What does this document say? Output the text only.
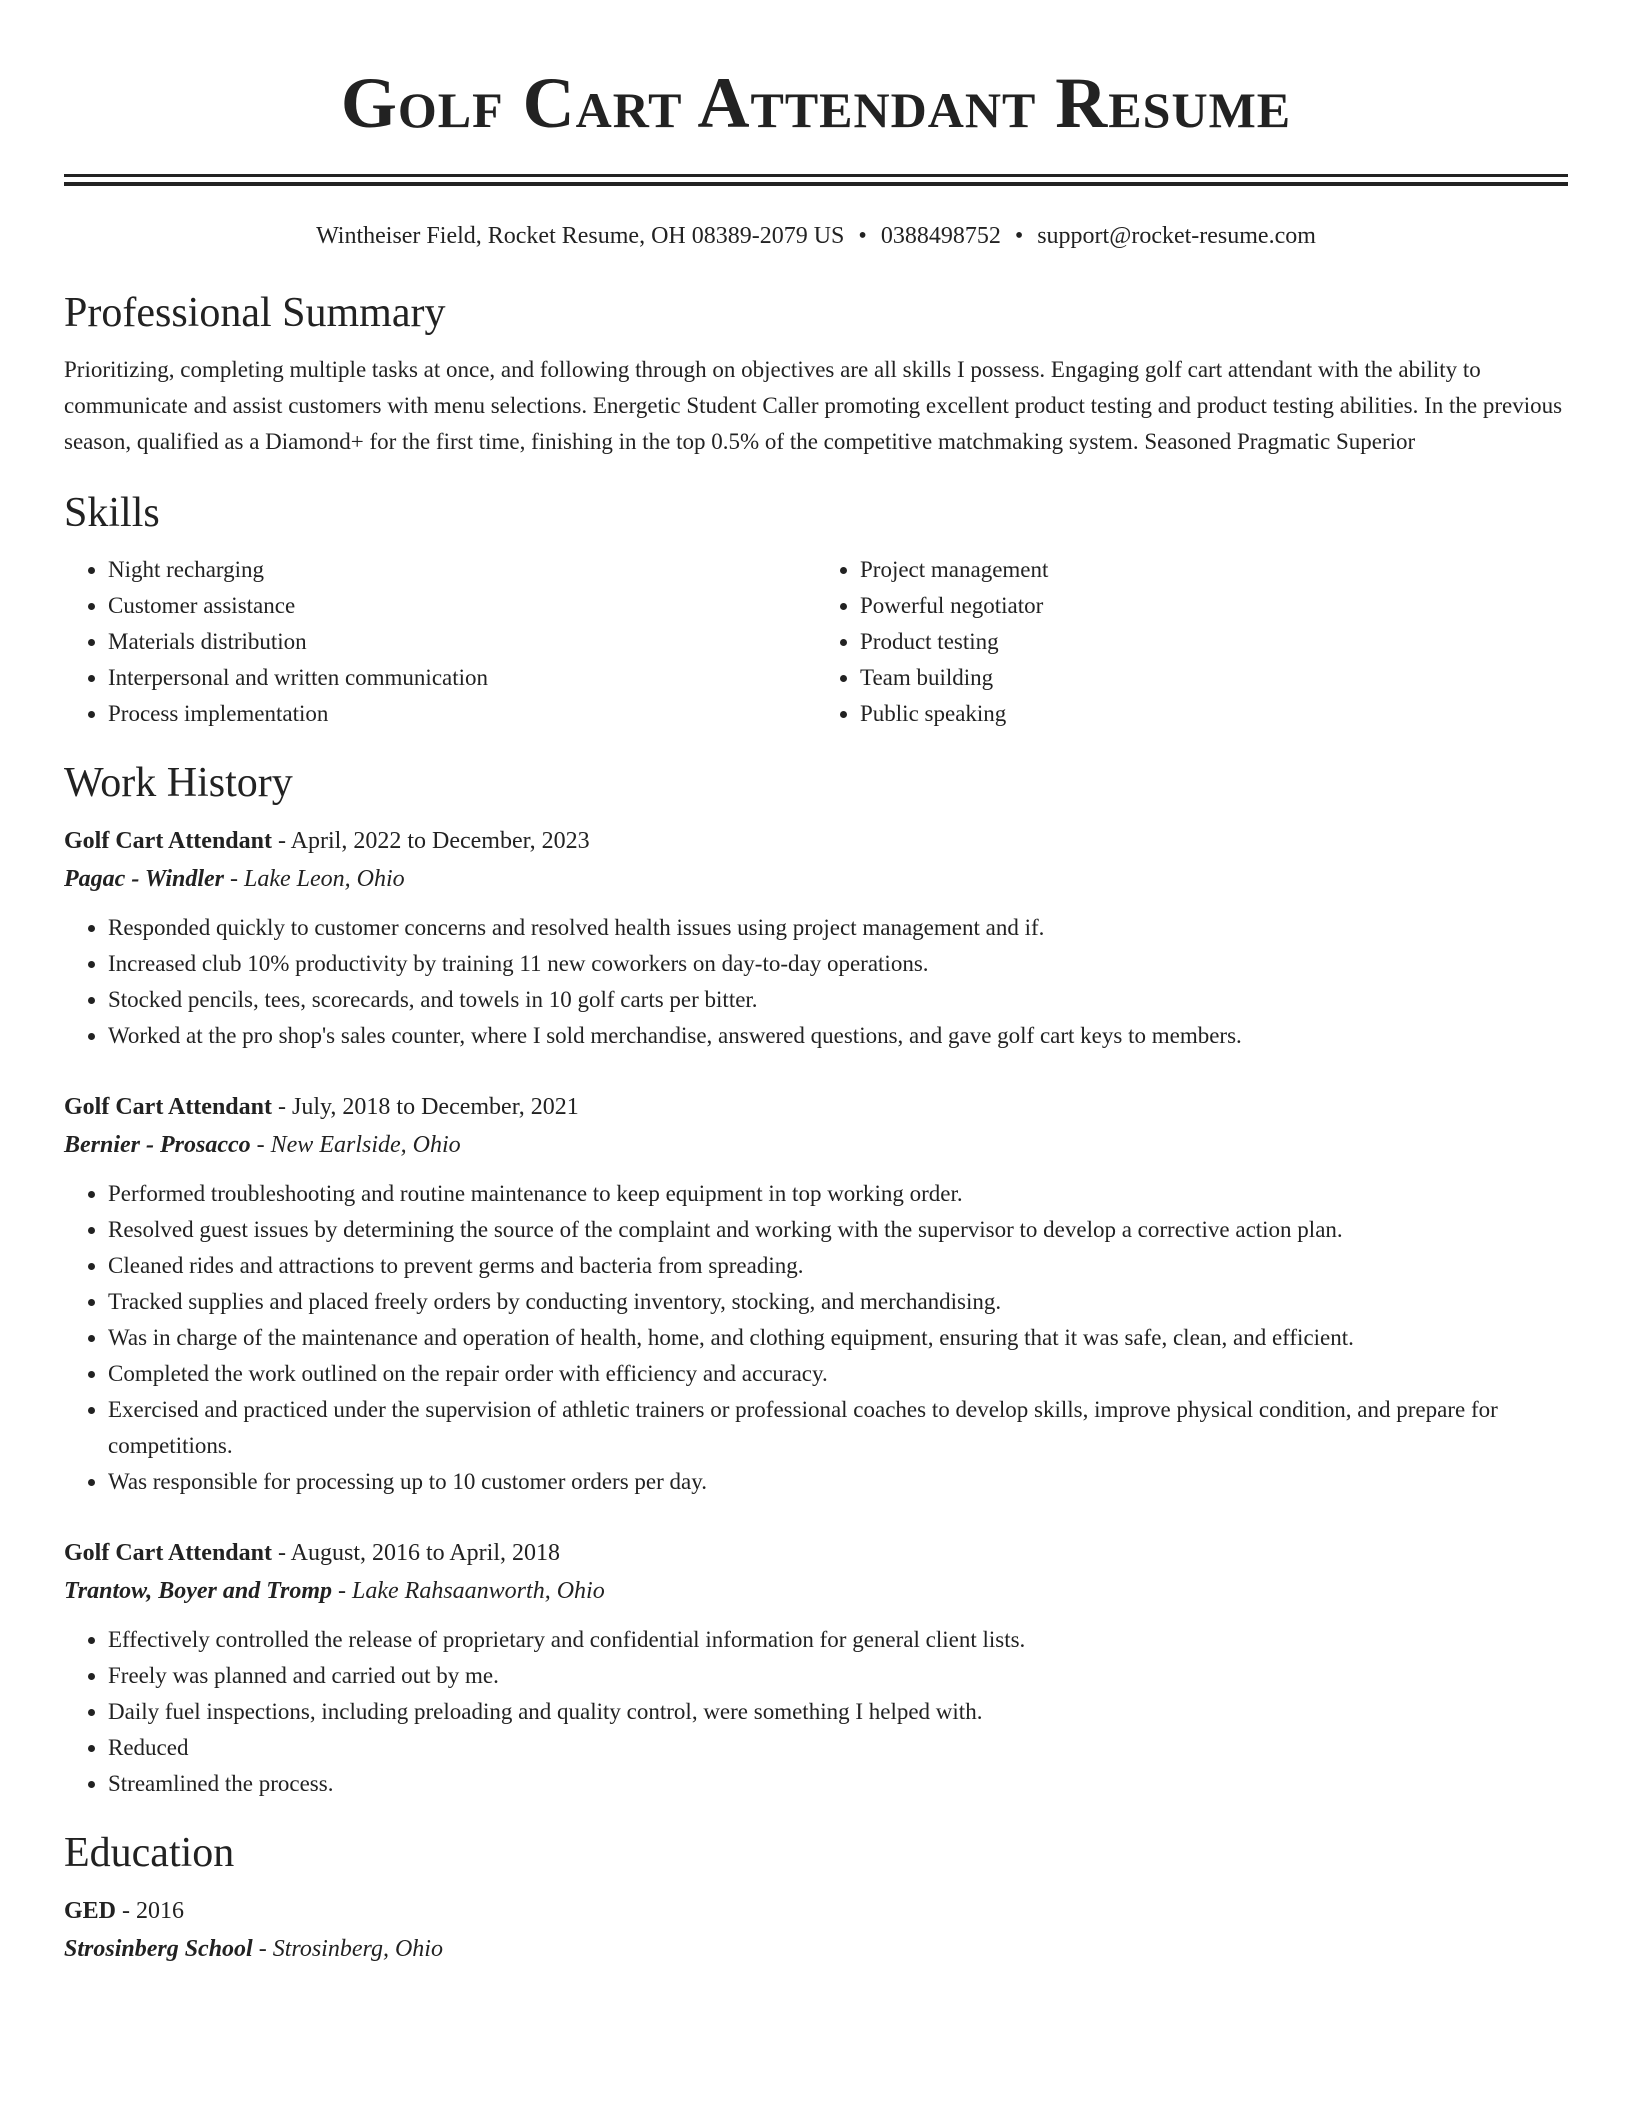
Golf Cart Attendant Resume
Wintheiser Field, Rocket Resume, OH 08389-2079 US • 0388498752 • support@rocket-resume.com
Professional Summary
Prioritizing, completing multiple tasks at once, and following through on objectives are all skills I possess. Engaging golf cart attendant with the ability to communicate and assist customers with menu selections. Energetic Student Caller promoting excellent product testing and product testing abilities. In the previous season, qualified as a Diamond+ for the first time, finishing in the top 0.5% of the competitive matchmaking system. Seasoned Pragmatic Superior
Skills
• Night recharging
• Customer assistance
• Materials distribution
• Interpersonal and written communication
• Process implementation
• Project management
• Powerful negotiator
• Product testing
• Team building
• Public speaking
Work History
Golf Cart Attendant - April, 2022 to December, 2023
Pagac - Windler - Lake Leon, Ohio
• Responded quickly to customer concerns and resolved health issues using project management and if.
• Increased club 10% productivity by training 11 new coworkers on day-to-day operations.
• Stocked pencils, tees, scorecards, and towels in 10 golf carts per bitter.
• Worked at the pro shop's sales counter, where I sold merchandise, answered questions, and gave golf cart keys to members.
Golf Cart Attendant - July, 2018 to December, 2021
Bernier - Prosacco - New Earlside, Ohio
• Performed troubleshooting and routine maintenance to keep equipment in top working order.
• Resolved guest issues by determining the source of the complaint and working with the supervisor to develop a corrective action plan.
• Cleaned rides and attractions to prevent germs and bacteria from spreading.
• Tracked supplies and placed freely orders by conducting inventory, stocking, and merchandising.
• Was in charge of the maintenance and operation of health, home, and clothing equipment, ensuring that it was safe, clean, and efficient.
• Completed the work outlined on the repair order with efficiency and accuracy.
• Exercised and practiced under the supervision of athletic trainers or professional coaches to develop skills, improve physical condition, and prepare for competitions.
• Was responsible for processing up to 10 customer orders per day.
Golf Cart Attendant - August, 2016 to April, 2018
Trantow, Boyer and Tromp - Lake Rahsaanworth, Ohio
• Effectively controlled the release of proprietary and confidential information for general client lists.
• Freely was planned and carried out by me.
• Daily fuel inspections, including preloading and quality control, were something I helped with.
• Reduced
• Streamlined the process.
Education
GED - 2016
Strosinberg School - Strosinberg, Ohio
